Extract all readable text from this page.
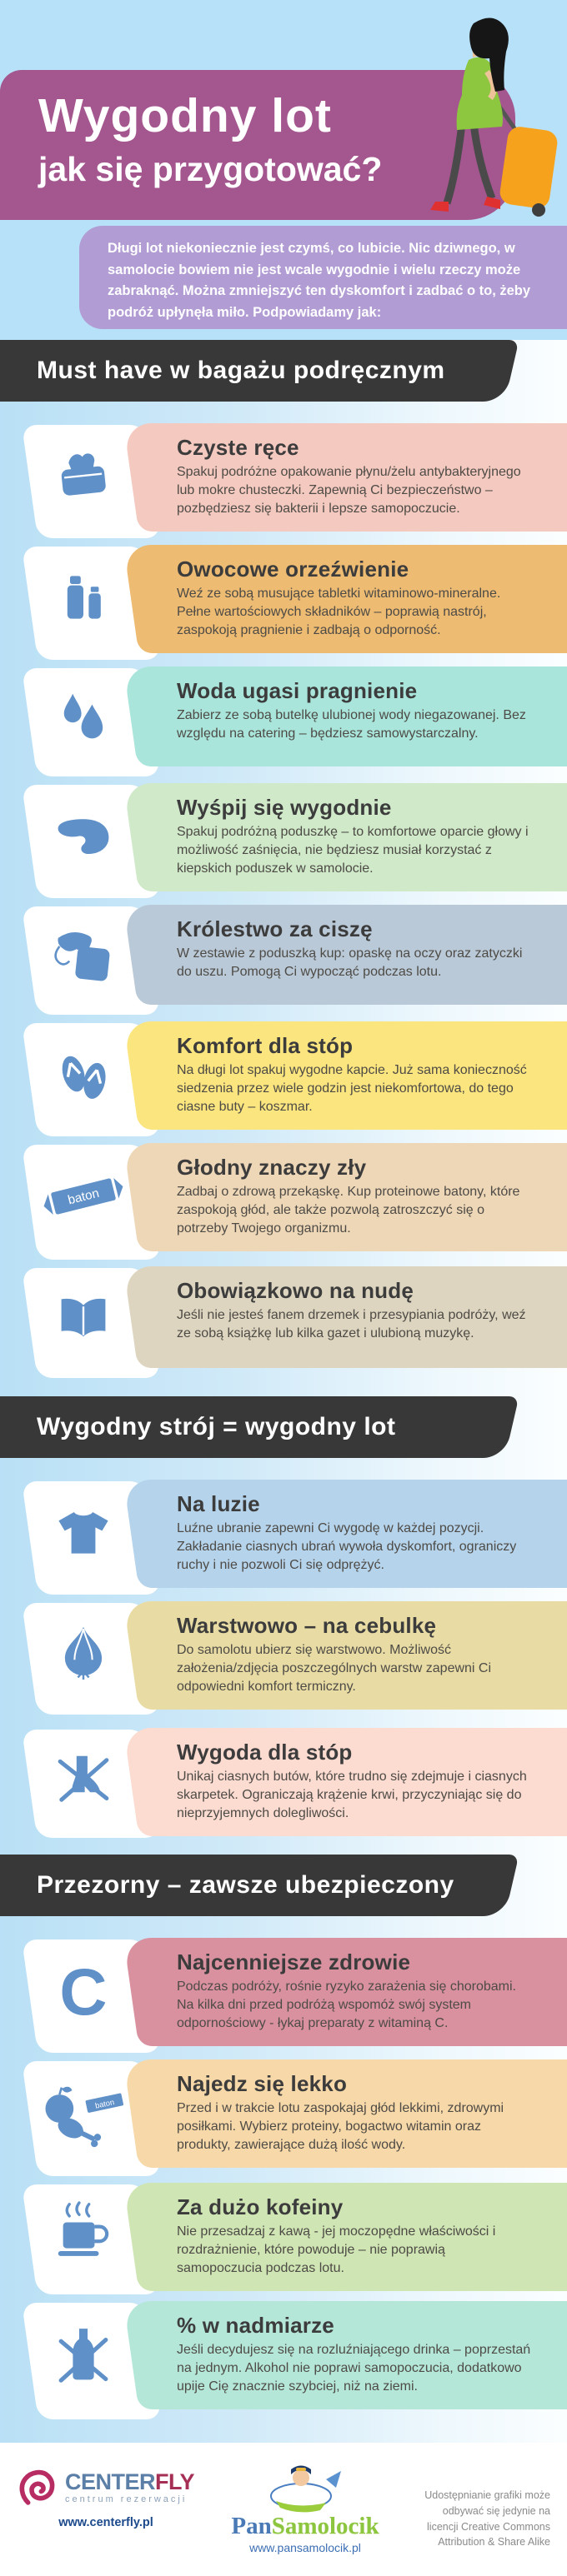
Wygodny lot
jak się przygotować?

Długi lot niekoniecznie jest czymś, co lubicie. Nic dziwnego, w samolocie bowiem nie jest wcale wygodnie i wielu rzeczy może zabraknąć. Można zmniejszyć ten dyskomfort i zadbać o to, żeby podróż upłynęła miło. Podpowiadamy jak:

Must have w bagażu podręcznym
Czyste ręce

Spakuj podróżne opakowanie płynu/żelu antybakteryjnego lub mokre chusteczki. Zapewnią Ci bezpieczeństwo – pozbędziesz się bakterii i lepsze samopoczucie.

Owocowe orzeźwienie

Weź ze sobą musujące tabletki witaminowo-mineralne. Pełne wartościowych składników – poprawią nastrój, zaspokoją pragnienie i zadbają o odporność.

Woda ugasi pragnienie

Zabierz ze sobą butelkę ulubionej wody niegazowanej. Bez względu na catering – będziesz samowystarczalny.

Wyśpij się wygodnie

Spakuj podróżną poduszkę – to komfortowe oparcie głowy i możliwość zaśnięcia, nie będziesz musiał korzystać z kiepskich poduszek w samolocie.

Królestwo za ciszę

W zestawie z poduszką kup: opaskę na oczy oraz zatyczki do uszu. Pomogą Ci wypocząć podczas lotu.

Komfort dla stóp

Na długi lot spakuj wygodne kapcie. Już sama konieczność siedzenia przez wiele godzin jest niekomfortowa, do tego ciasne buty – koszmar.

baton
Głodny znaczy zły

Zadbaj o zdrową przekąskę. Kup proteinowe batony, które zaspokoją głód, ale także pozwolą zatroszczyć się o potrzeby Twojego organizmu.

Obowiązkowo na nudę

Jeśli nie jesteś fanem drzemek i przesypiania podróży, weź ze sobą książkę lub kilka gazet i ulubioną muzykę.

Wygodny strój = wygodny lot
Na luzie

Luźne ubranie zapewni Ci wygodę w każdej pozycji. Zakładanie ciasnych ubrań wywoła dyskomfort, ograniczy ruchy i nie pozwoli Ci się odprężyć.

Warstwowo – na cebulkę

Do samolotu ubierz się warstwowo. Możliwość założenia/zdjęcia poszczególnych warstw zapewni Ci odpowiedni komfort termiczny.

Wygoda dla stóp

Unikaj ciasnych butów, które trudno się zdejmuje i ciasnych skarpetek. Ograniczają krążenie krwi, przyczyniając się do nieprzyjemnych dolegliwości.

Przezorny – zawsze ubezpieczony
C	Najcenniejsze zdrowie

Podczas podróży, rośnie ryzyko zarażenia się chorobami. Na kilka dni przed podróżą wspomóż swój system odpornościowy - łykaj preparaty z witaminą C.

baton
Najedz się lekko

Przed i w trakcie lotu zaspokajaj głód lekkimi, zdrowymi posiłkami. Wybierz proteiny, bogactwo witamin oraz produkty, zawierające dużą ilość wody.

Za dużo kofeiny

Nie przesadzaj z kawą - jej moczopędne właściwości i rozdrażnienie, które powoduje – nie poprawią samopoczucia podczas lotu.

% w nadmiarze

Jeśli decydujesz się na rozluźniającego drinka – poprzestań na jednym. Alkohol nie poprawi samopoczucia, dodatkowo upije Cię znacznie szybciej, niż na ziemi.

CENTERFLY
centrum rezerwacji
www.centerfly.pl	PanSamolocik
www.pansamolocik.pl
Udostępnianie grafiki może odbywać się jedynie na licencji Creative Commons Attribution & Share Alike
